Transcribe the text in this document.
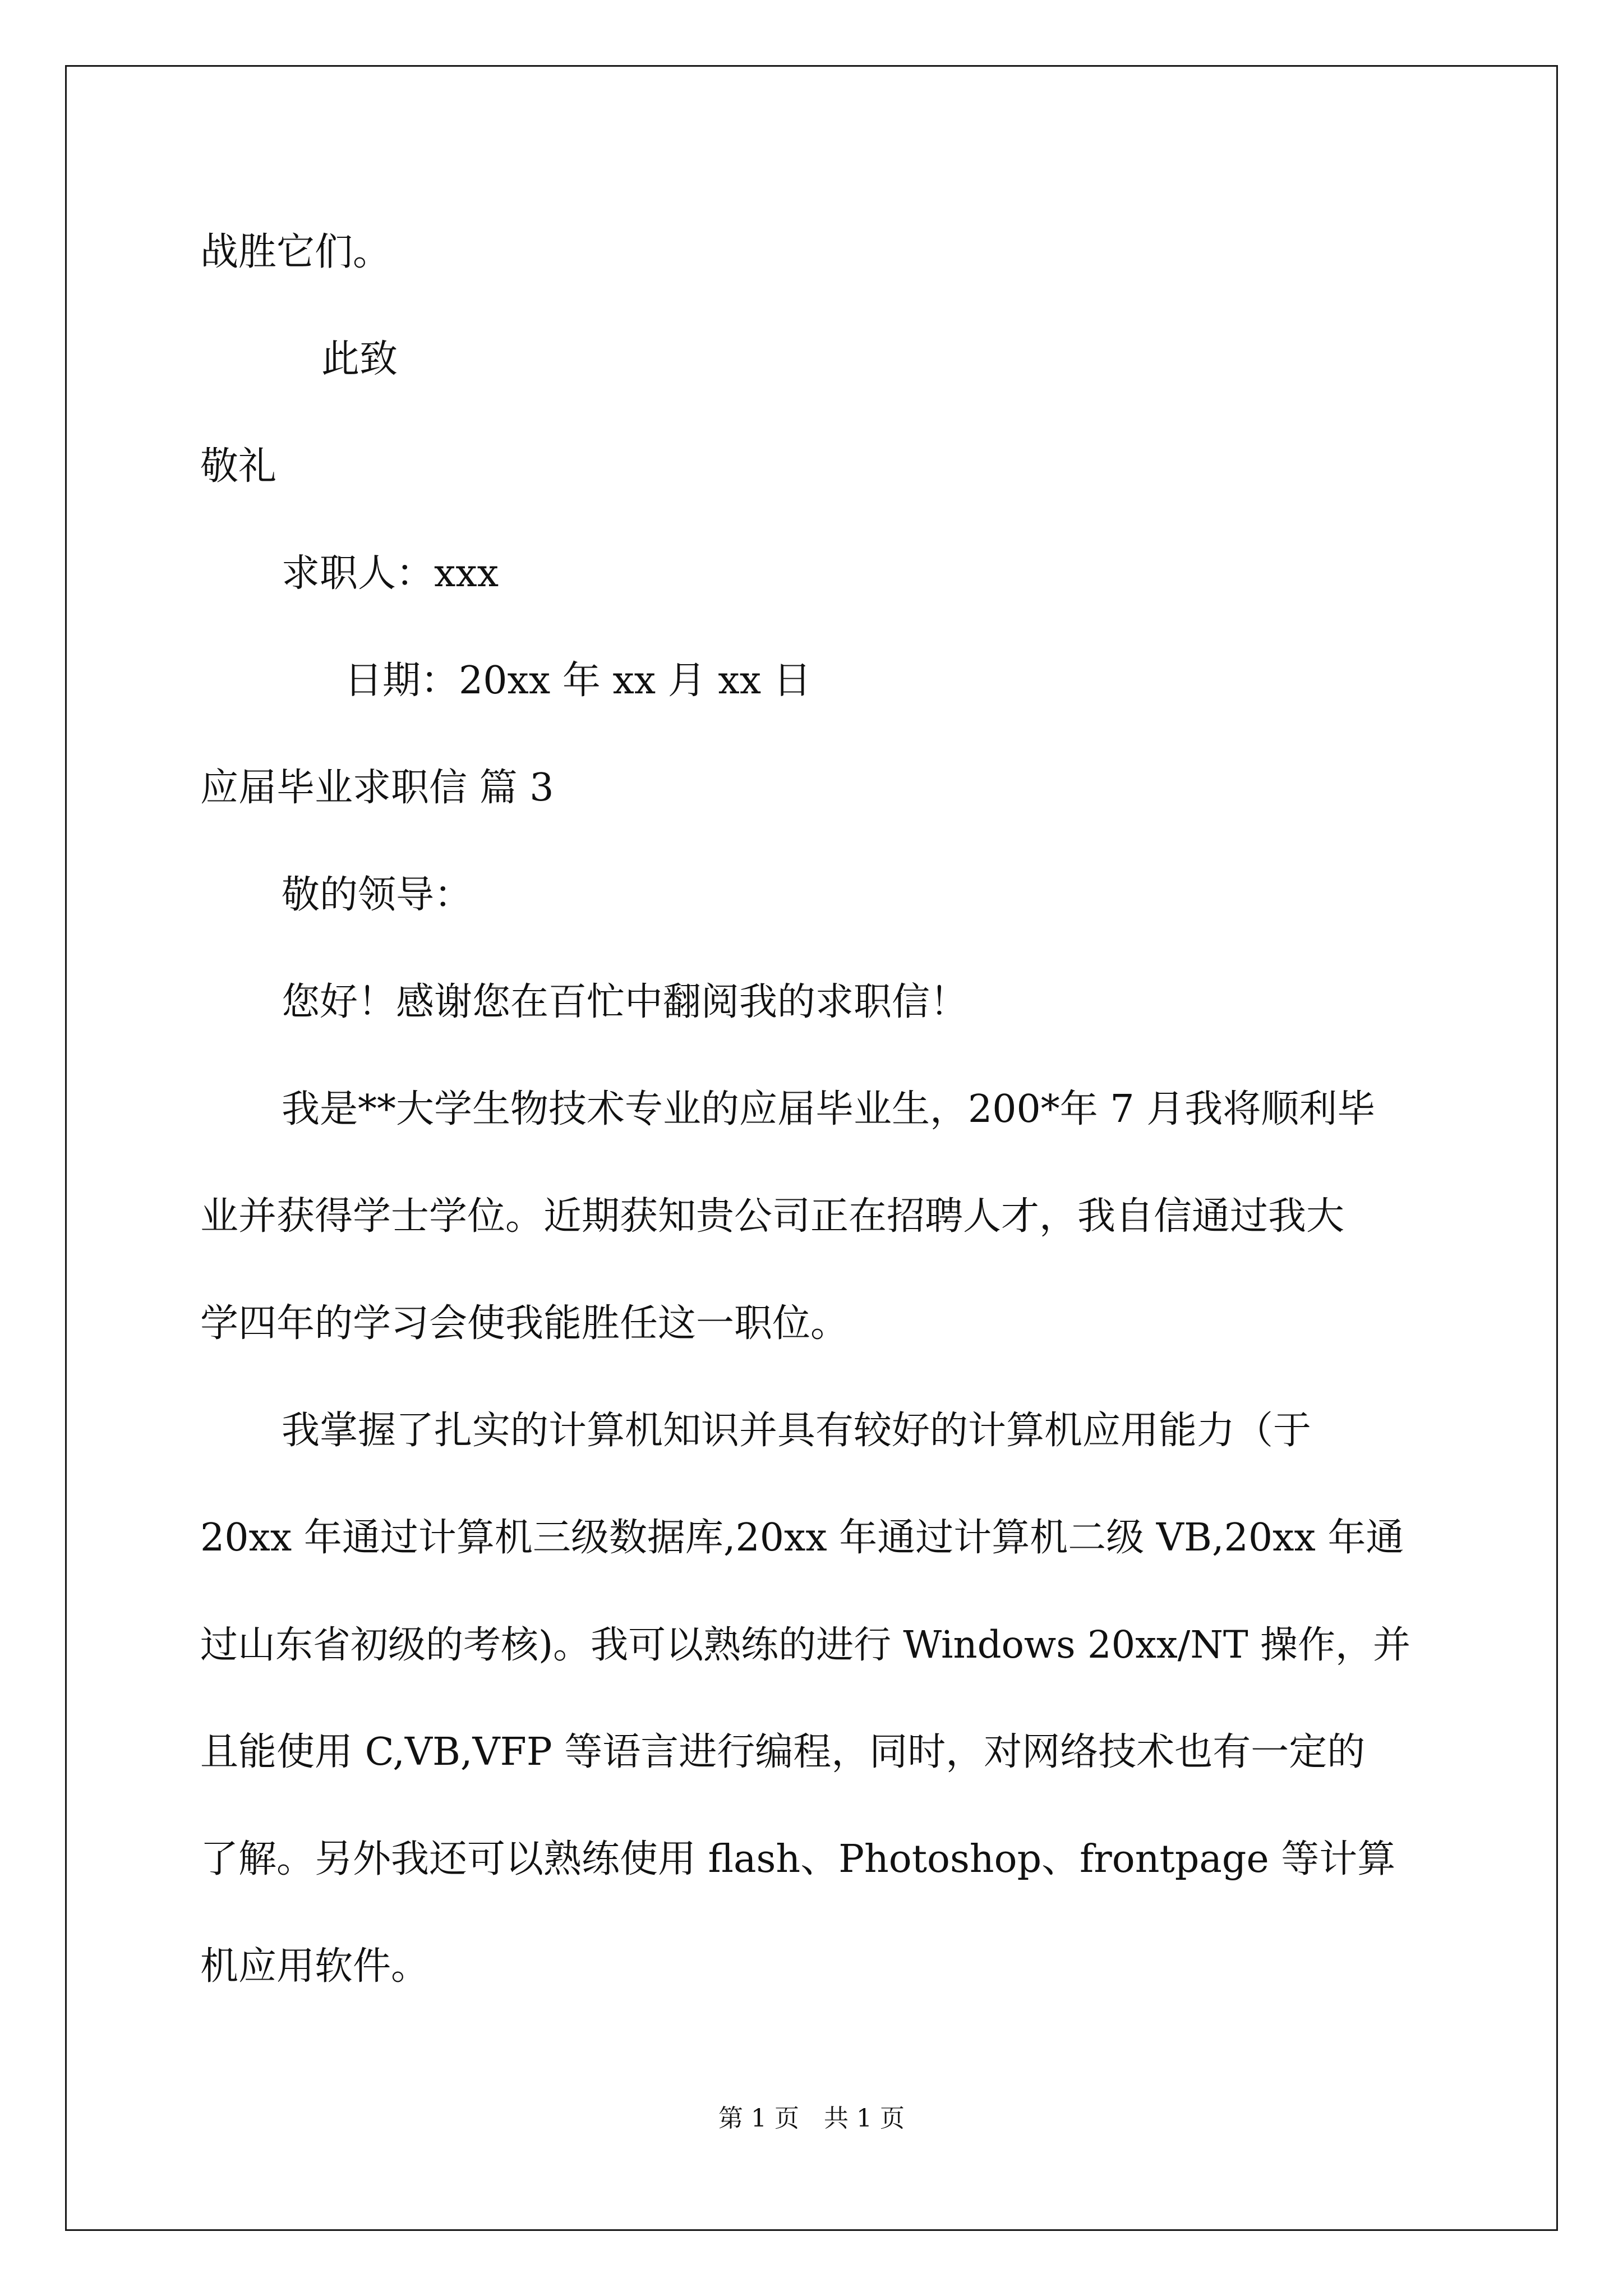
战胜它们。

此致

敬礼

求职人：xxx

日期：20xx 年 xx 月 xx 日

应届毕业求职信 篇 3

敬的领导：

您好！感谢您在百忙中翻阅我的求职信！

我是**大学生物技术专业的应届毕业生，200*年 7 月我将顺利毕

业并获得学士学位。近期获知贵公司正在招聘人才，我自信通过我大

学四年的学习会使我能胜任这一职位。

我掌握了扎实的计算机知识并具有较好的计算机应用能力（于

20xx 年通过计算机三级数据库,20xx 年通过计算机二级 VB,20xx 年通

过山东省初级的考核)。我可以熟练的进行 Windows 20xx/NT 操作，并

且能使用 C,VB,VFP 等语言进行编程，同时，对网络技术也有一定的

了解。另外我还可以熟练使用 flash、Photoshop、frontpage 等计算

机应用软件。

第 1 页　共 1 页
